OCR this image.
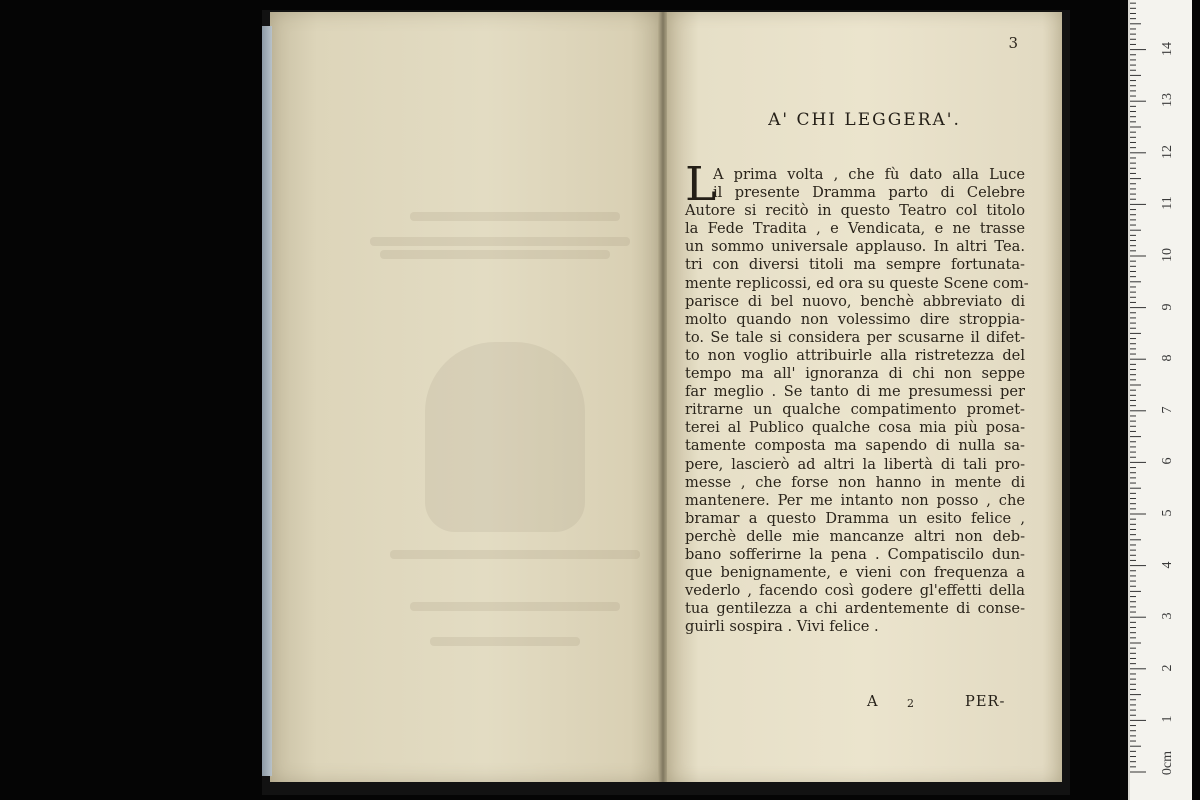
3
A' CHI LEGGERA'.
L
A prima volta , che fù dato alla Luce
il presente Dramma parto di Celebre
Autore si recitò in questo Teatro col titolo
la Fede Tradita , e Vendicata, e ne trasse
un sommo universale applauso. In altri Tea.
tri con diversi titoli ma sempre fortunata-
mente replicossi, ed ora su queste Scene com-
parisce di bel nuovo, benchè abbreviato di
molto quando non volessimo dire stroppia-
to. Se tale si considera per scusarne il difet-
to non voglio attribuirle alla ristretezza del
tempo ma all' ignoranza di chi non seppe
far meglio . Se tanto di me presumessi per
ritrarne un qualche compatimento promet-
terei al Publico qualche cosa mia più posa-
tamente composta ma sapendo di nulla sa-
pere, lascierò ad altri la libertà di tali pro-
messe , che forse non hanno in mente di
mantenere. Per me intanto non posso , che
bramar a questo Dramma un esito felice ,
perchè delle mie mancanze altri non deb-
bano sofferirne la pena . Compatiscilo dun-
que benignamente, e vieni con frequenza a
vederlo , facendo così godere gl'effetti della
tua gentilezza a chi ardentemente di conse-
guirli sospira . Vivi felice .
A 2	PER-
0cm
1
2
3
4
5
6
7
8
9
10
11
12
13
14
